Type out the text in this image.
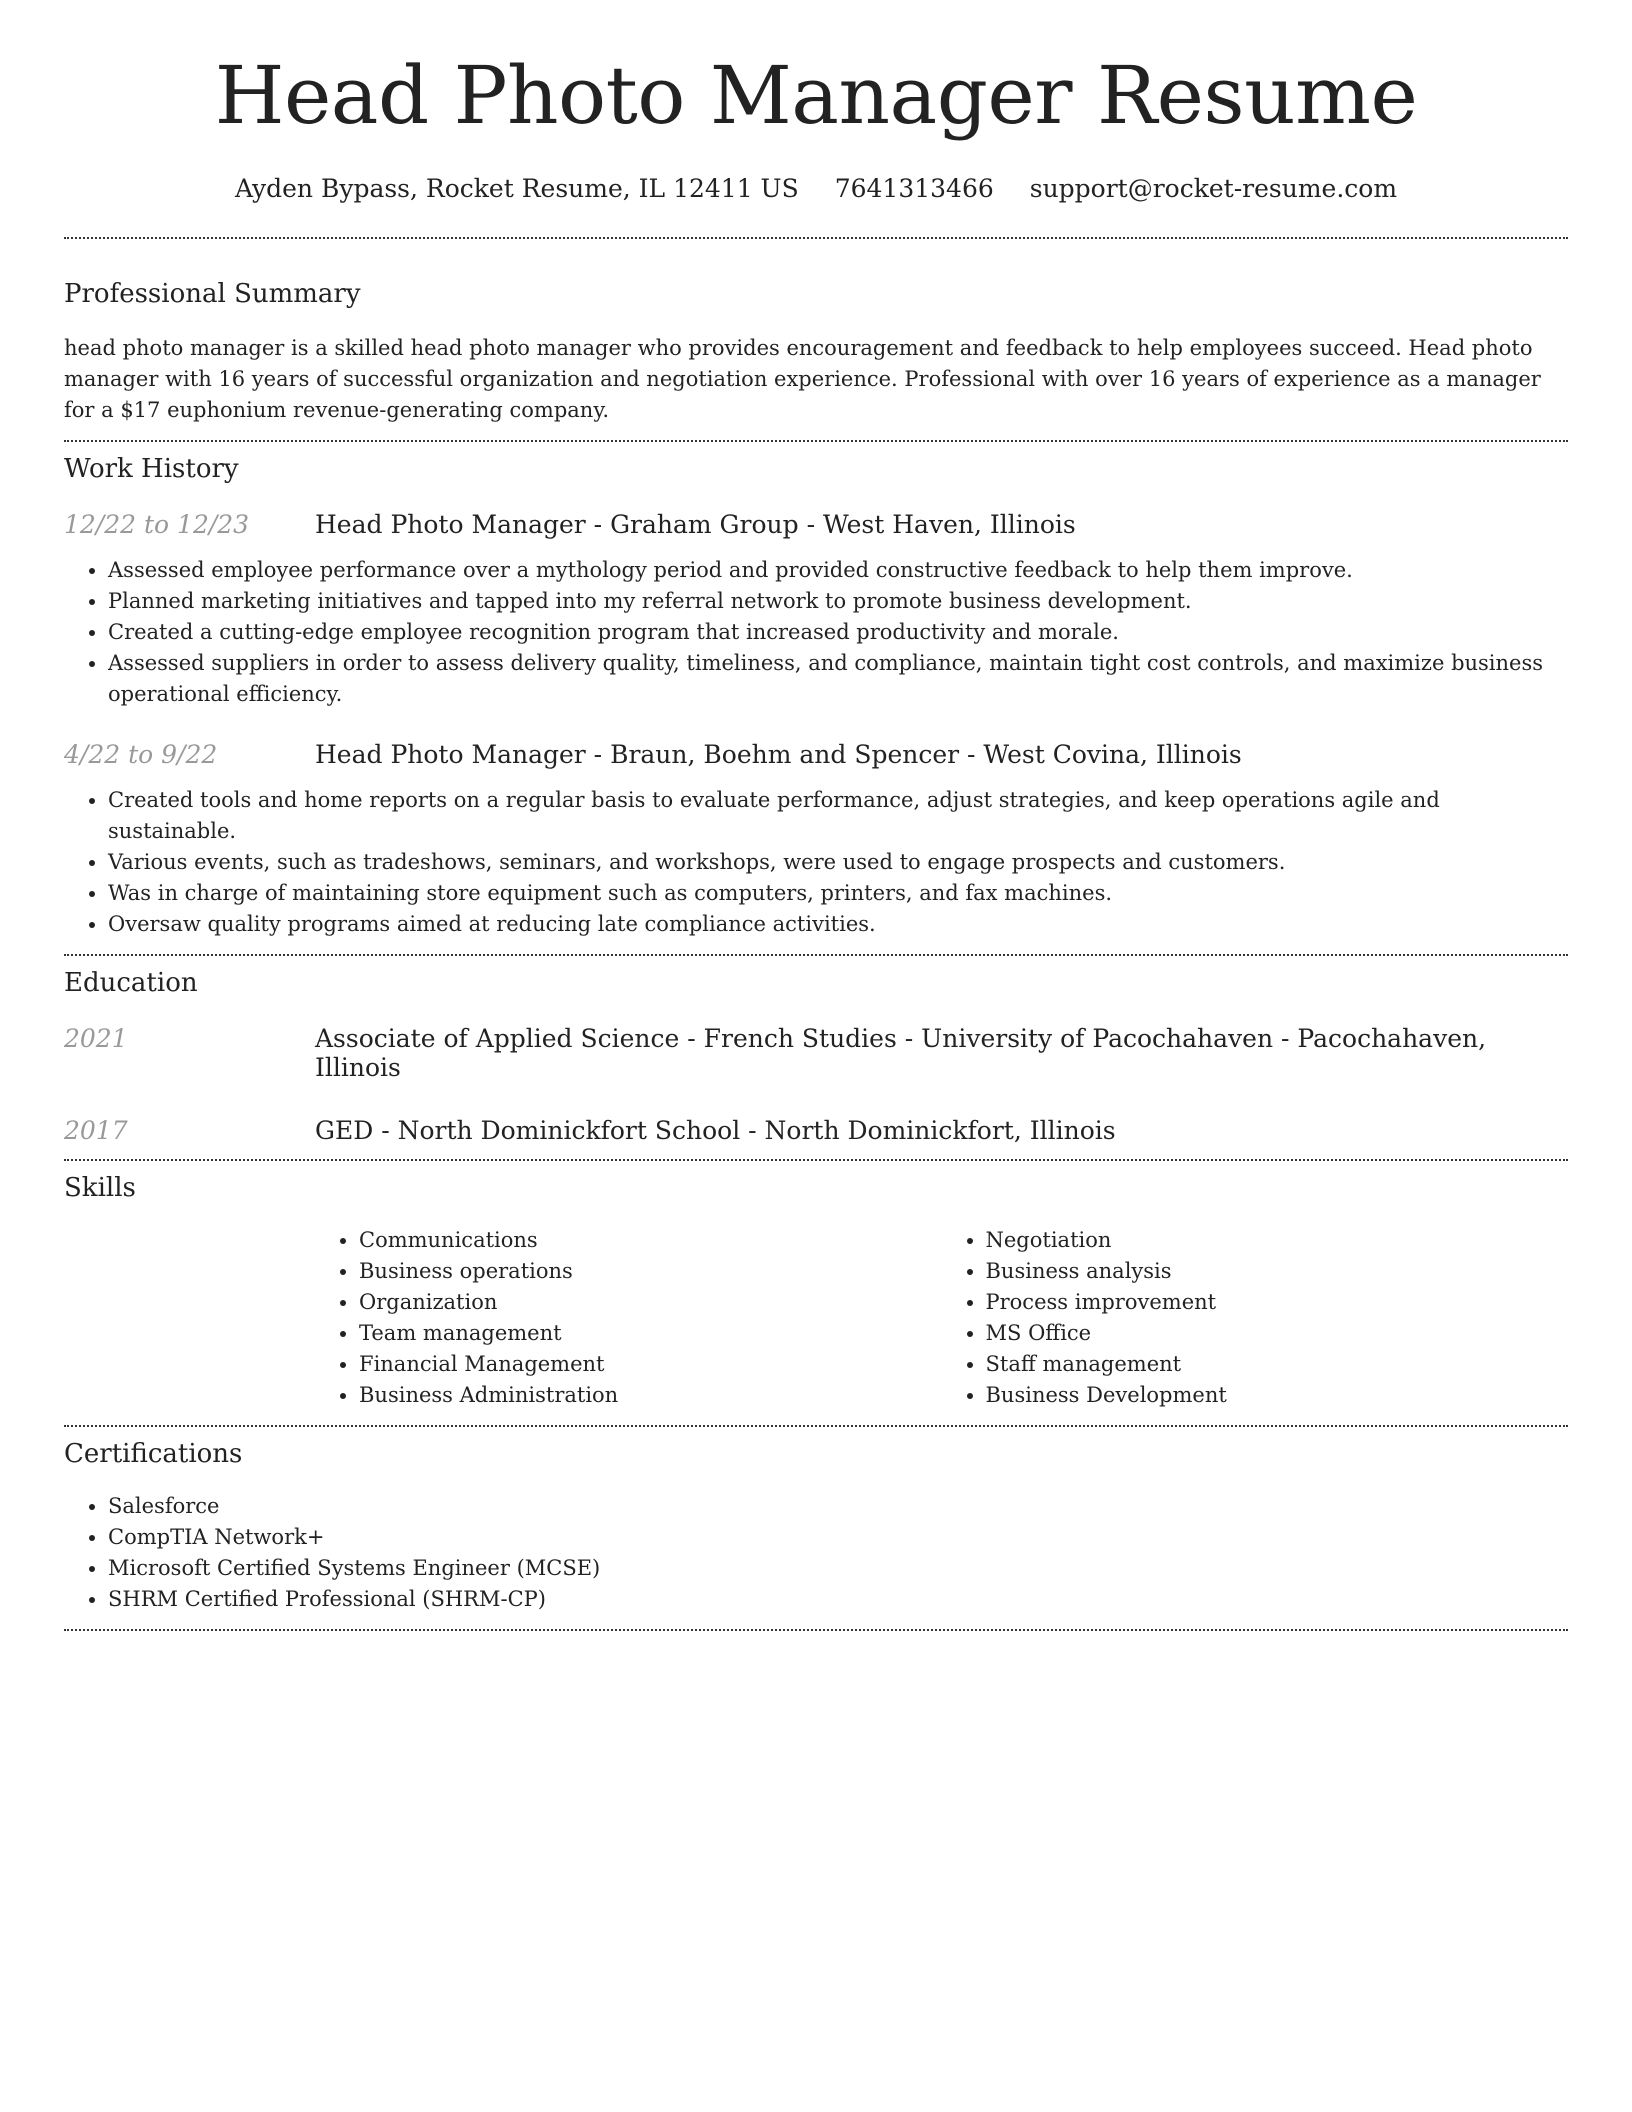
Head Photo Manager Resume
Ayden Bypass, Rocket Resume, IL 12411 US 7641313466 support@rocket-resume.com
Professional Summary

head photo manager is a skilled head photo manager who provides encouragement and feedback to help employees succeed. Head photo manager with 16 years of successful organization and negotiation experience. Professional with over 16 years of experience as a manager for a $17 euphonium revenue-generating company.

Work History
12/22 to 12/23	Head Photo Manager - Graham Group - West Haven, Illinois
• Assessed employee performance over a mythology period and provided constructive feedback to help them improve.
• Planned marketing initiatives and tapped into my referral network to promote business development.
• Created a cutting-edge employee recognition program that increased productivity and morale.
• Assessed suppliers in order to assess delivery quality, timeliness, and compliance, maintain tight cost controls, and maximize business operational efficiency.
4/22 to 9/22	Head Photo Manager - Braun, Boehm and Spencer - West Covina, Illinois
• Created tools and home reports on a regular basis to evaluate performance, adjust strategies, and keep operations agile and sustainable.
• Various events, such as tradeshows, seminars, and workshops, were used to engage prospects and customers.
• Was in charge of maintaining store equipment such as computers, printers, and fax machines.
• Oversaw quality programs aimed at reducing late compliance activities.
Education
2021	Associate of Applied Science - French Studies - University of Pacochahaven - Pacochahaven, Illinois
2017	GED - North Dominickfort School - North Dominickfort, Illinois
Skills
• Communications
• Business operations
• Organization
• Team management
• Financial Management
• Business Administration
• Negotiation
• Business analysis
• Process improvement
• MS Office
• Staff management
• Business Development
Certifications
• Salesforce
• CompTIA Network+
• Microsoft Certified Systems Engineer (MCSE)
• SHRM Certified Professional (SHRM-CP)
